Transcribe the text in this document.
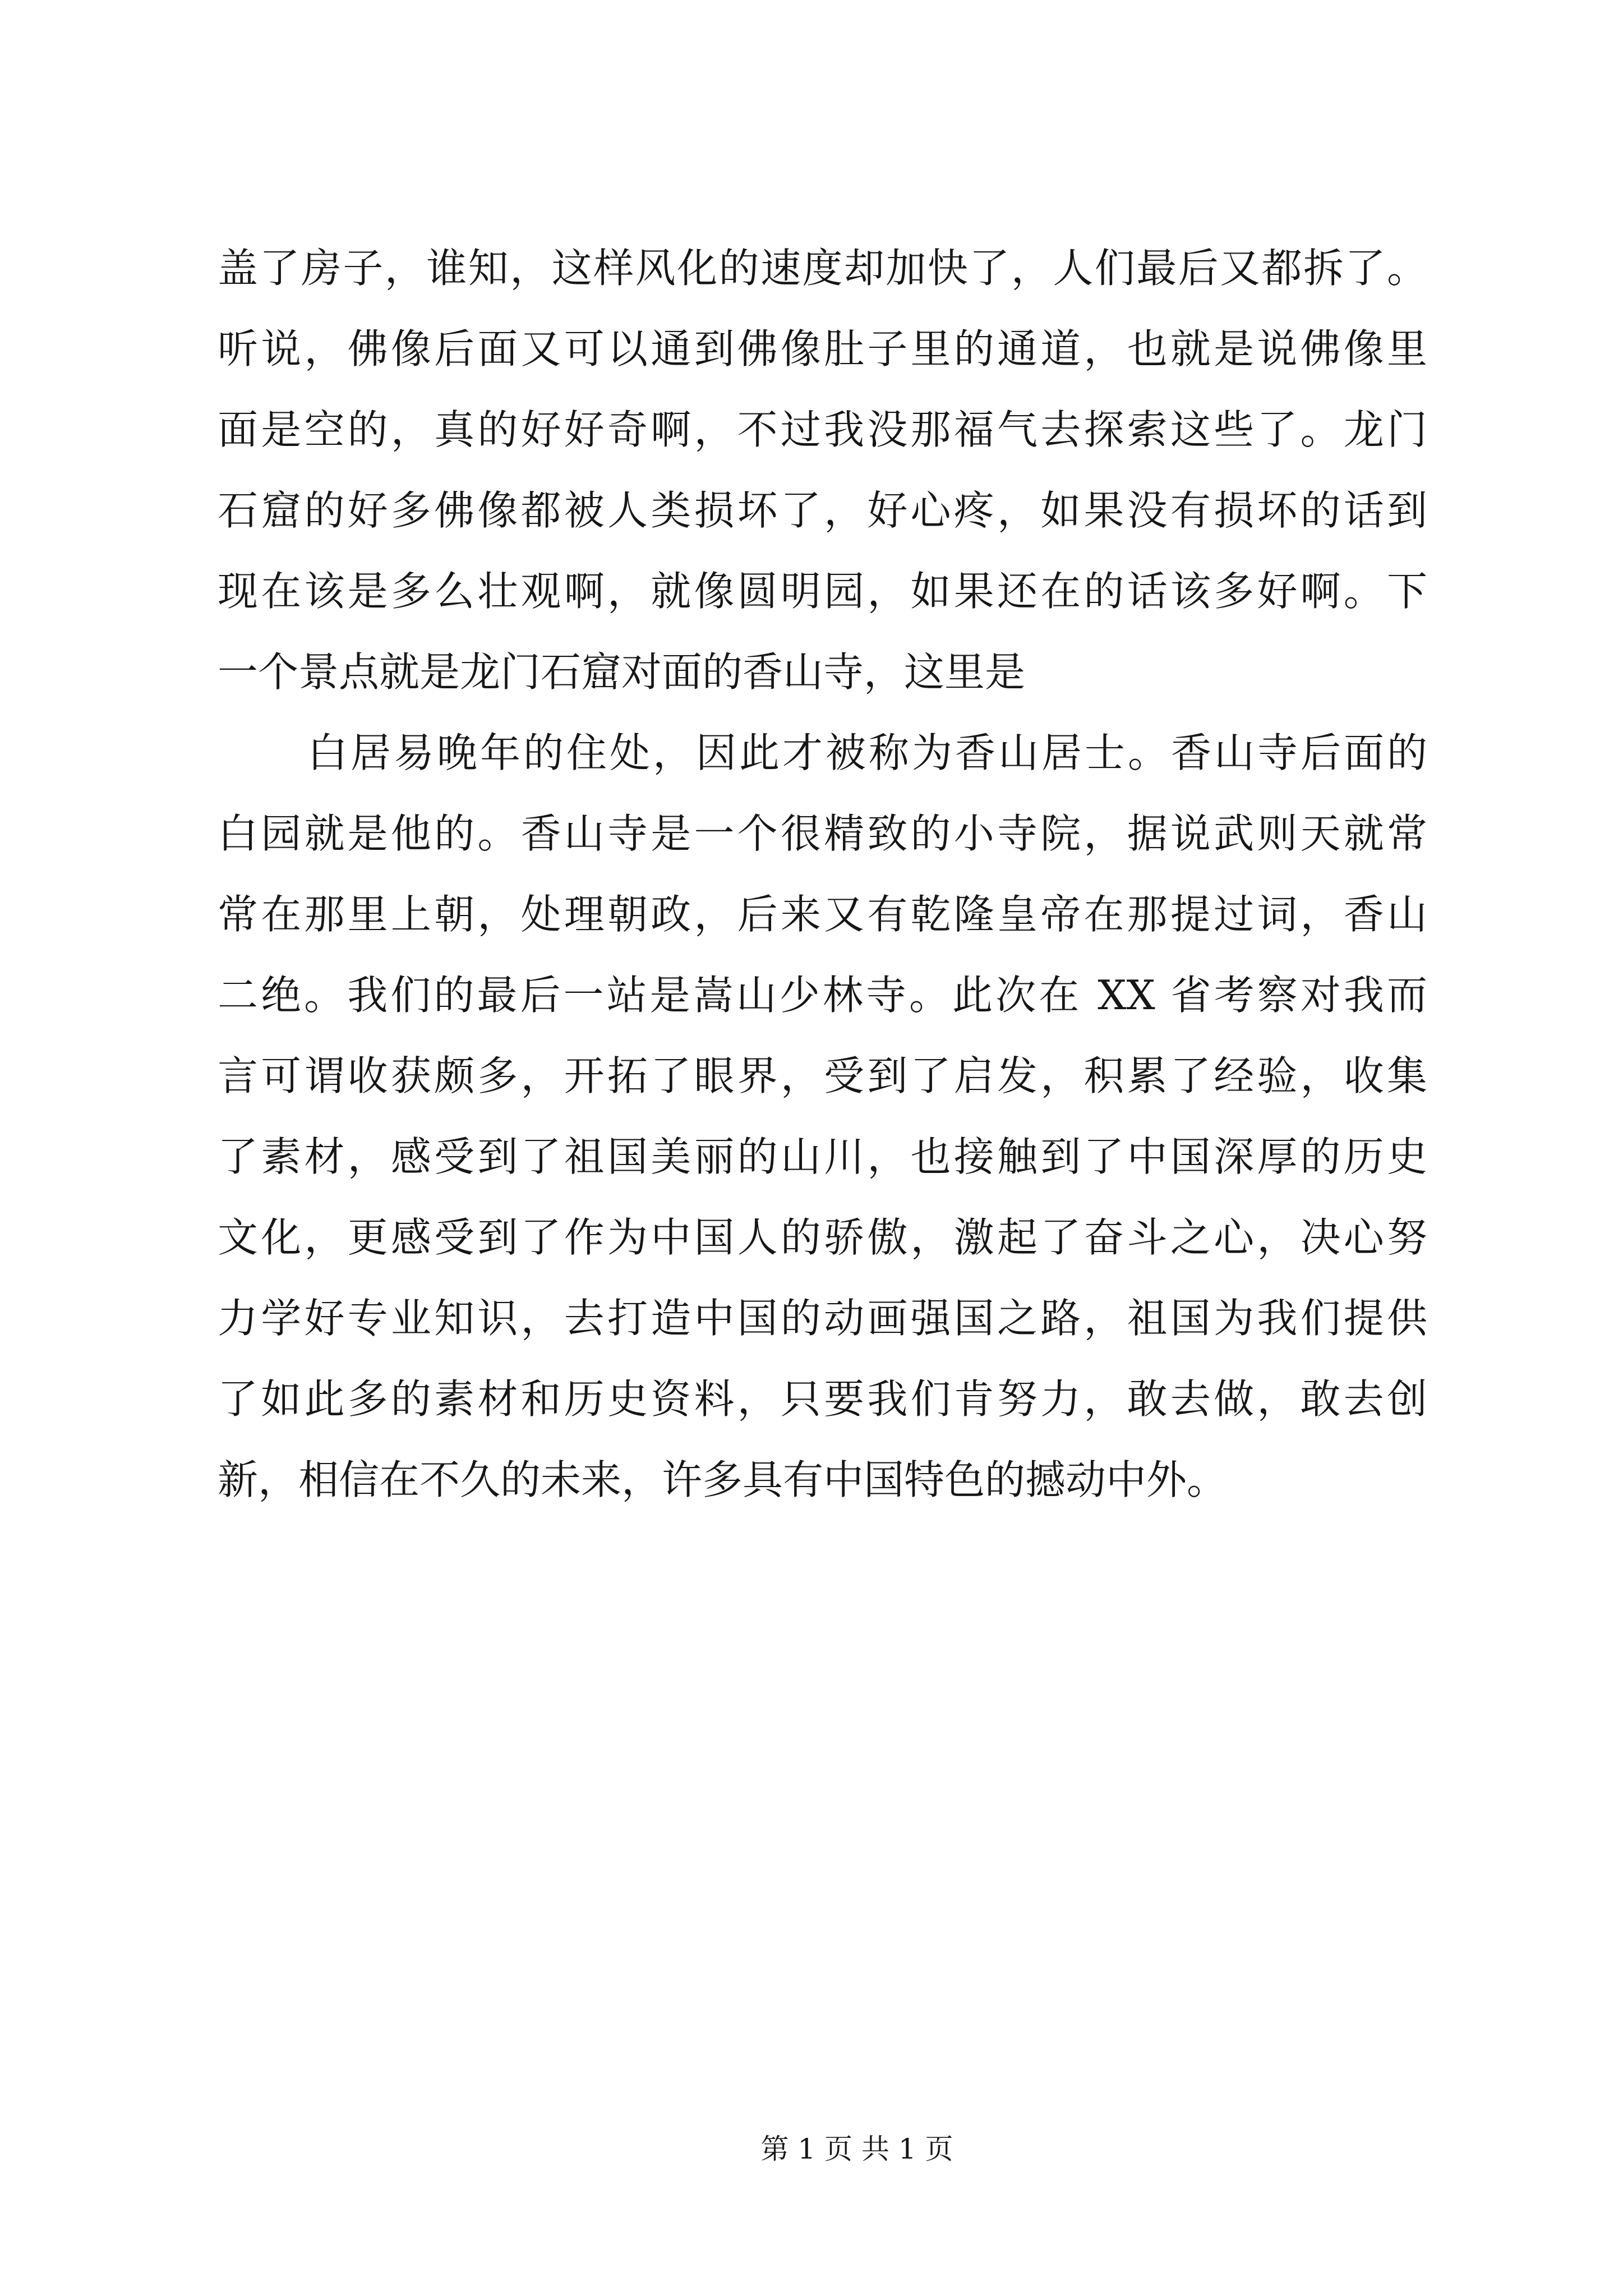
盖了房子，谁知，这样风化的速度却加快了，人们最后又都拆了。
听说，佛像后面又可以通到佛像肚子里的通道，也就是说佛像里
面是空的，真的好好奇啊，不过我没那福气去探索这些了。龙门
石窟的好多佛像都被人类损坏了，好心疼，如果没有损坏的话到
现在该是多么壮观啊，就像圆明园，如果还在的话该多好啊。下
一个景点就是龙门石窟对面的香山寺，这里是
白居易晚年的住处，因此才被称为香山居士。香山寺后面的
白园就是他的。香山寺是一个很精致的小寺院，据说武则天就常
常在那里上朝，处理朝政，后来又有乾隆皇帝在那提过词，香山
二绝。我们的最后一站是嵩山少林寺。此次在 XX 省考察对我而
言可谓收获颇多，开拓了眼界，受到了启发，积累了经验，收集
了素材，感受到了祖国美丽的山川，也接触到了中国深厚的历史
文化，更感受到了作为中国人的骄傲，激起了奋斗之心，决心努
力学好专业知识，去打造中国的动画强国之路，祖国为我们提供
了如此多的素材和历史资料，只要我们肯努力，敢去做，敢去创
新，相信在不久的未来，许多具有中国特色的撼动中外。
第 1 页 共 1 页
